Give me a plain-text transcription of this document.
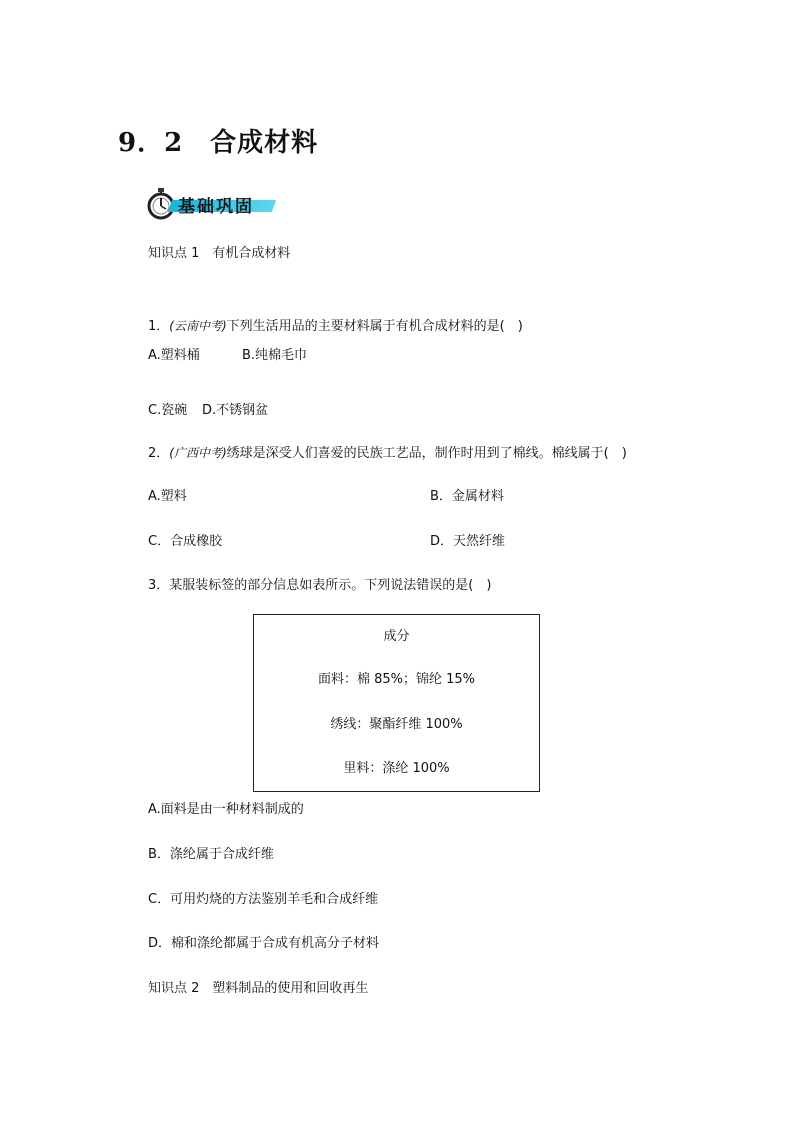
9．2　合成材料
基础巩固
知识点 1　有机合成材料
1．(云南中考)下列生活用品的主要材料属于有机合成材料的是(　)
A.塑料桶	B.纯棉毛巾
C.瓷碗 D.不锈钢盆
2．(广西中考)绣球是深受人们喜爱的民族工艺品，制作时用到了棉线。棉线属于(　)
A.塑料	B．金属材料
C．合成橡胶	D．天然纤维
3．某服装标签的部分信息如表所示。下列说法错误的是(　)
成分
面料：棉 85%；锦纶 15%
绣线：聚酯纤维 100%
里料：涤纶 100%
A.面料是由一种材料制成的
B．涤纶属于合成纤维
C．可用灼烧的方法鉴别羊毛和合成纤维
D．棉和涤纶都属于合成有机高分子材料
知识点 2　塑料制品的使用和回收再生
